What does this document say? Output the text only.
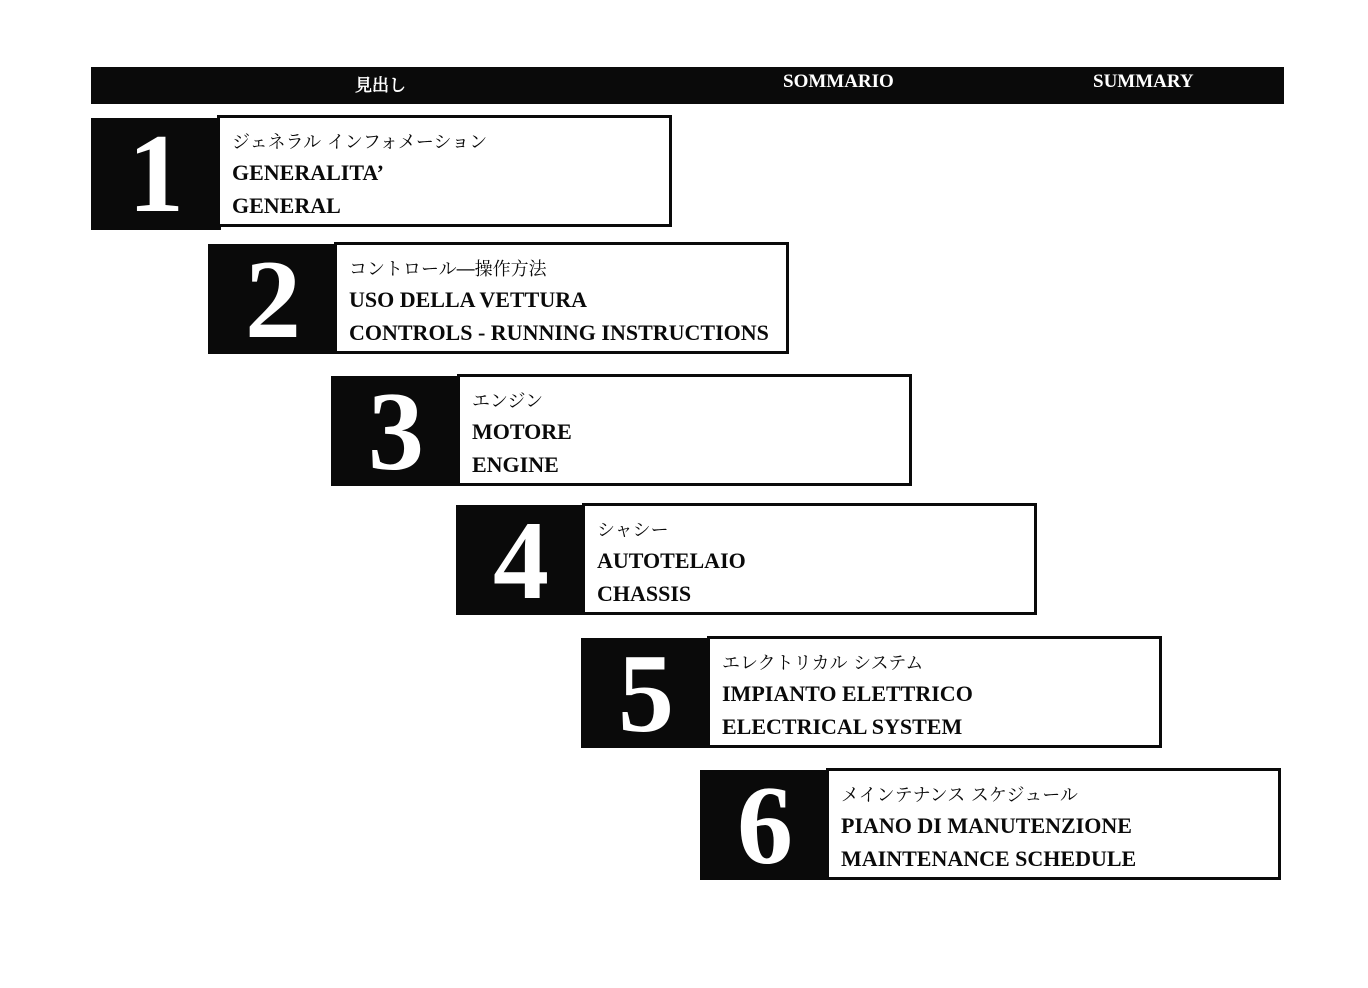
見出し	SOMMARIO	SUMMARY
1	ジェネラル インフォメーション
GENERALITA’
GENERAL
2	コントロール―操作方法
USO DELLA VETTURA
CONTROLS - RUNNING INSTRUCTIONS
3	エンジン
MOTORE
ENGINE
4	シャシー
AUTOTELAIO
CHASSIS
5	エレクトリカル システム
IMPIANTO ELETTRICO
ELECTRICAL SYSTEM
6	メインテナンス スケジュール
PIANO DI MANUTENZIONE
MAINTENANCE SCHEDULE
